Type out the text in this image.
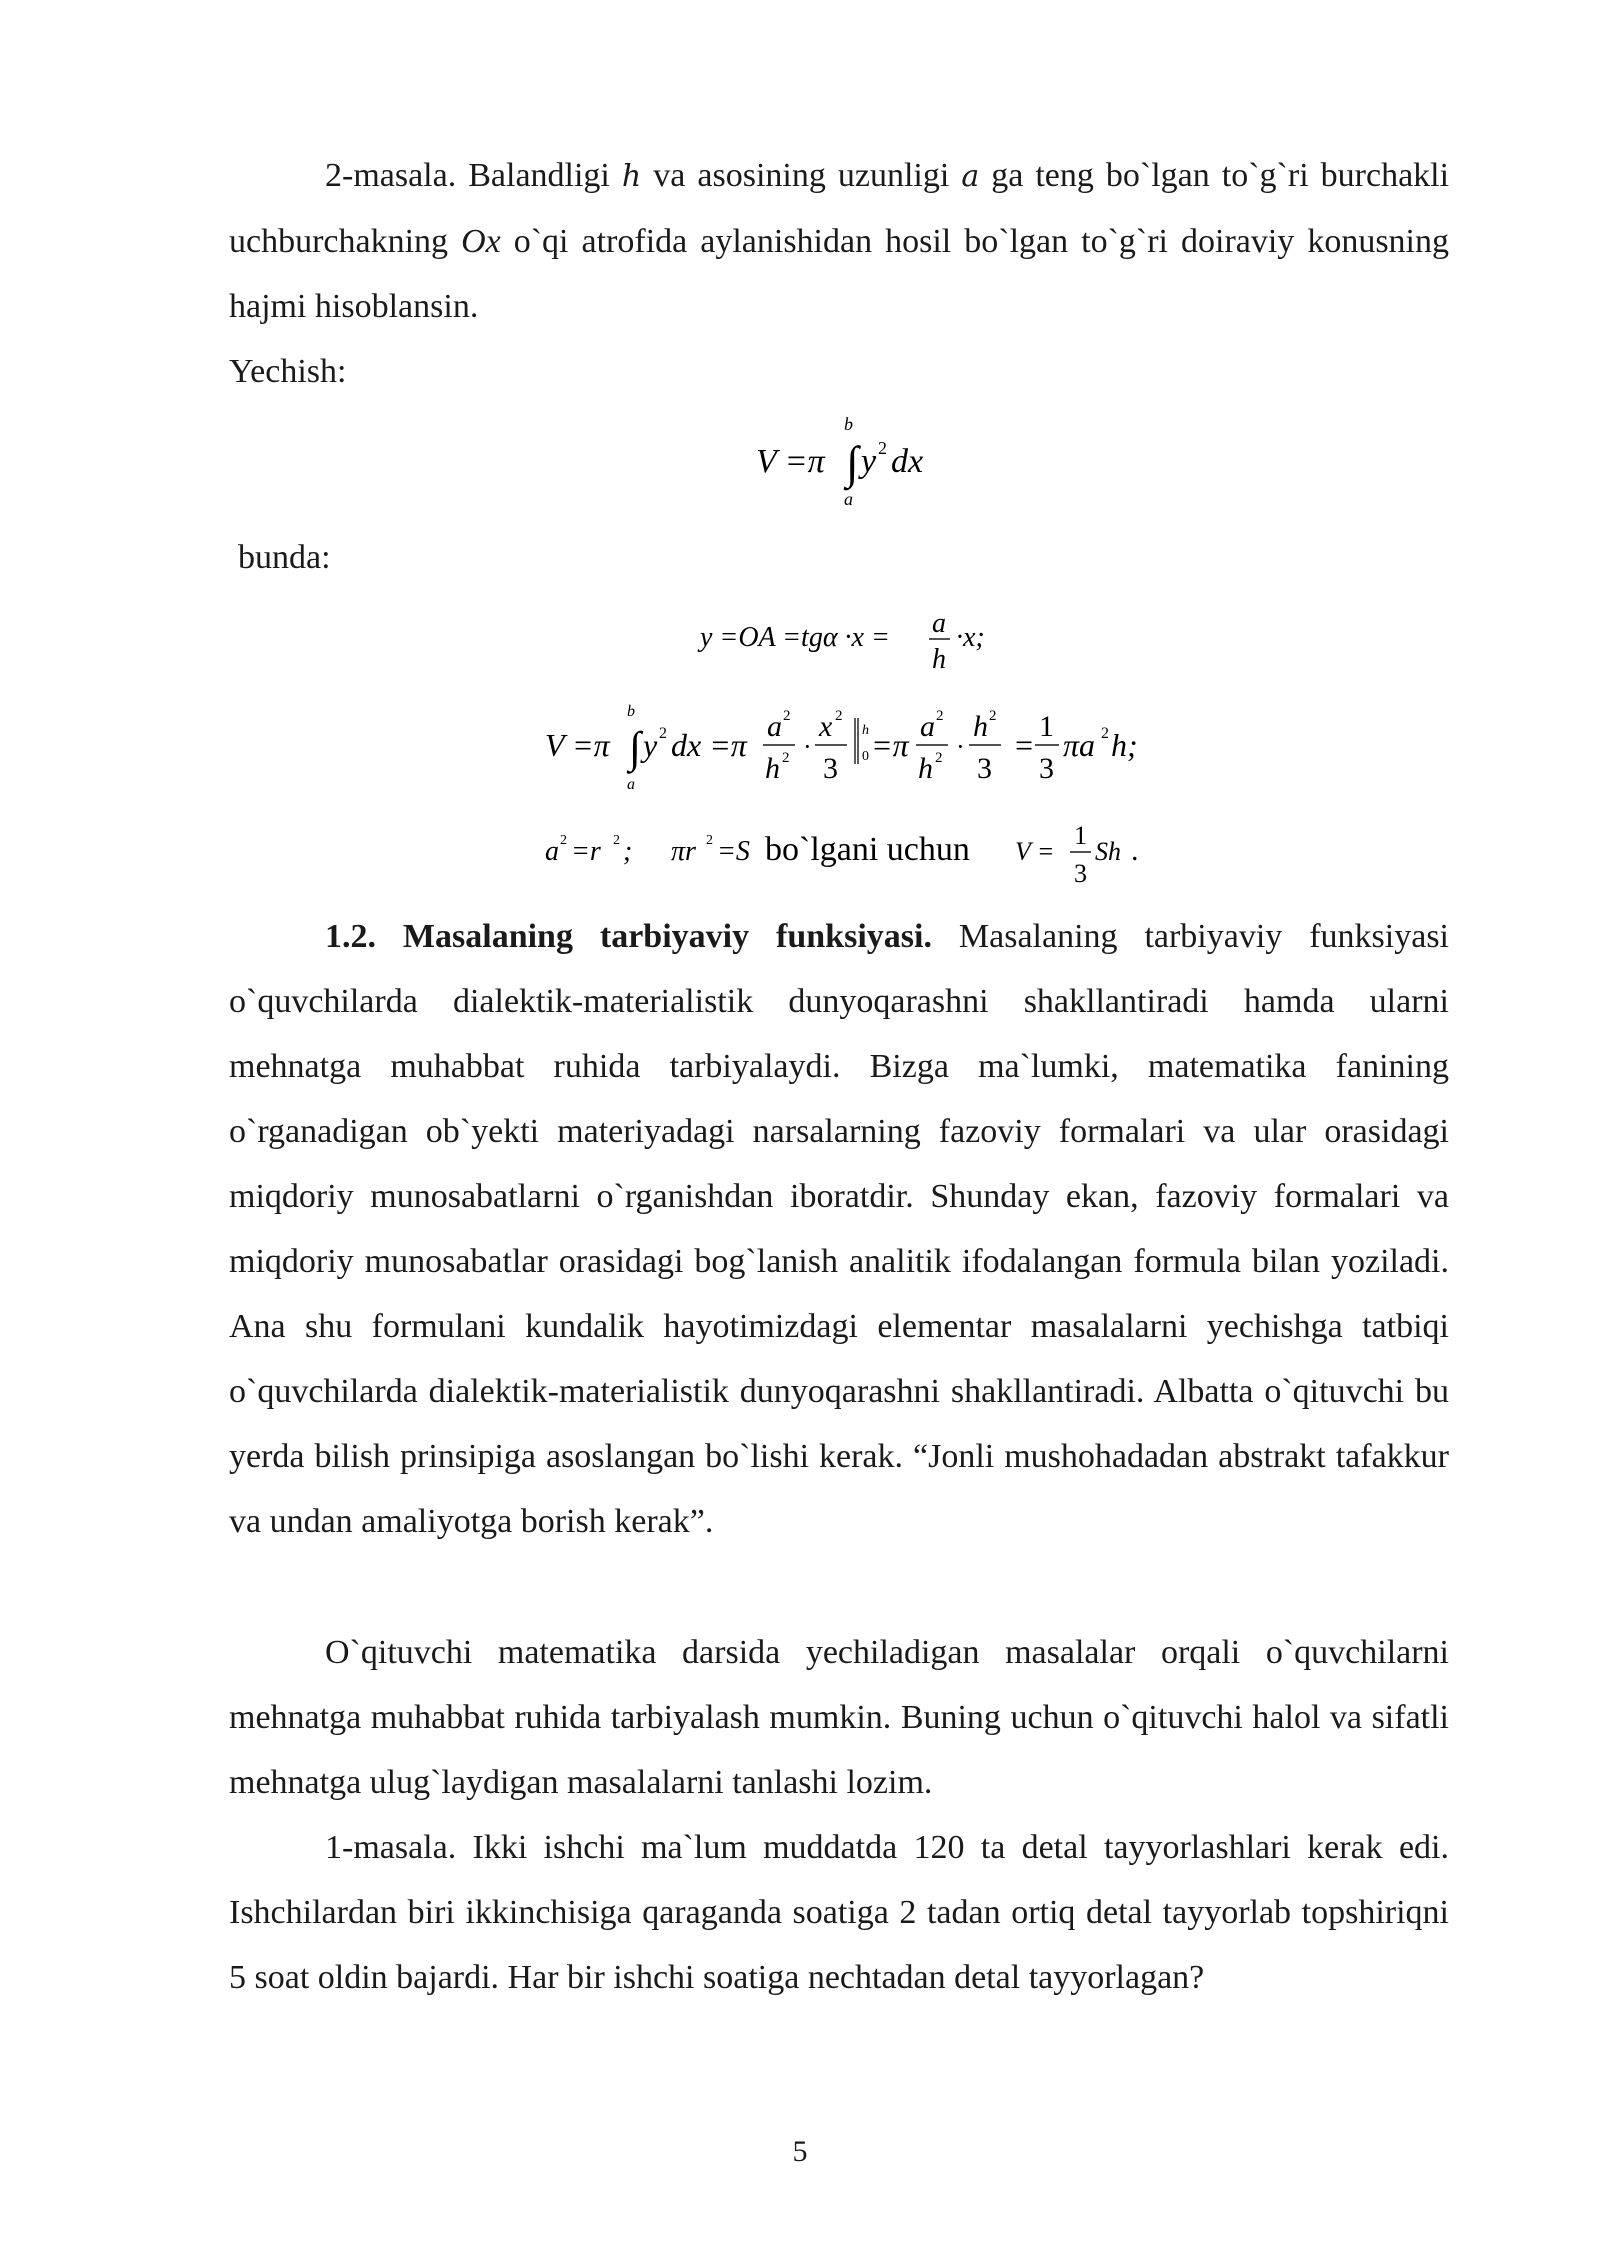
2-masala. Balandligi h va asosining uzunligi a ga teng bo`lgan to`g`ri burchakli uchburchakning Ox o`qi atrofida aylanishidan hosil bo`lgan to`g`ri doiraviy konusning hajmi hisoblansin.

Yechish:
V =π ∫
b
a
y 2 dx
bunda:
y =OA =tgα ·x = a
h
·x;
V =π ∫
b
a
y 2 dx =π
a 2
h 2 ·
x 2
3
h
0 =π
a 2
h 2 ·
h 2
3
=
1
3
πa 2 h;
a 2 =r 2 ; πr 2 =S bo`lgani uchun V =
1
3
Sh .

1.2. Masalaning tarbiyaviy funksiyasi. Masalaning tarbiyaviy funksiyasi o`quvchilarda dialektik-materialistik dunyoqarashni shakllantiradi hamda ularni mehnatga muhabbat ruhida tarbiyalaydi. Bizga ma`lumki, matematika fanining o`rganadigan ob`yekti materiyadagi narsalarning fazoviy formalari va ular orasidagi miqdoriy munosabatlarni o`rganishdan iboratdir. Shunday ekan, fazoviy formalari va miqdoriy munosabatlar orasidagi bog`lanish analitik ifodalangan formula bilan yoziladi. Ana shu formulani kundalik hayotimizdagi elementar masalalarni yechishga tatbiqi o`quvchilarda dialektik-materialistik dunyoqarashni shakllantiradi. Albatta o`qituvchi bu yerda bilish prinsipiga asoslangan bo`lishi kerak. “Jonli mushohadadan abstrakt tafakkur va undan amaliyotga borish kerak”.

O`qituvchi matematika darsida yechiladigan masalalar orqali o`quvchilarni mehnatga muhabbat ruhida tarbiyalash mumkin. Buning uchun o`qituvchi halol va sifatli mehnatga ulug`laydigan masalalarni tanlashi lozim.

1-masala. Ikki ishchi ma`lum muddatda 120 ta detal tayyorlashlari kerak edi. Ishchilardan biri ikkinchisiga qaraganda soatiga 2 tadan ortiq detal tayyorlab topshiriqni 5 soat oldin bajardi. Har bir ishchi soatiga nechtadan detal tayyorlagan?

5
